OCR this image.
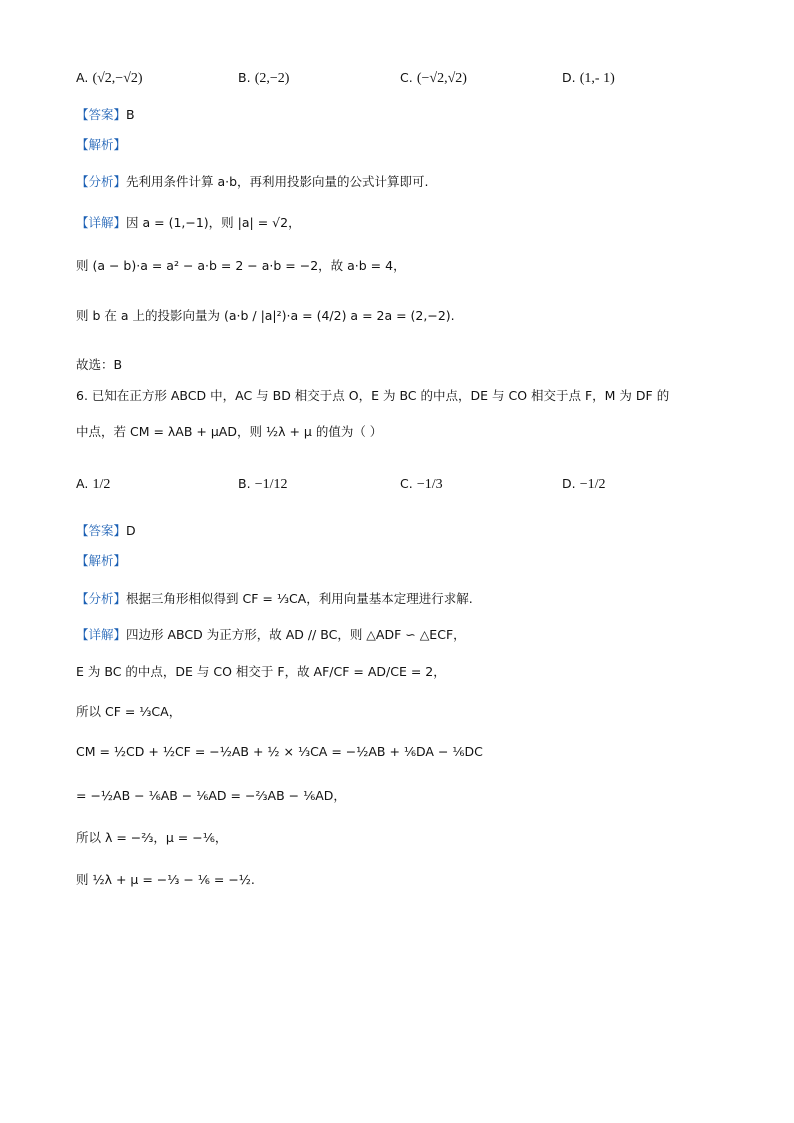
A. (√2,−√2)	B. (2,−2)	C. (−√2,√2)	D. (1,- 1)
【答案】B
【解析】
【分析】先利用条件计算 a·b，再利用投影向量的公式计算即可.
【详解】因 a = (1,−1)，则 |a| = √2，
则 (a − b)·a = a² − a·b = 2 − a·b = −2，故 a·b = 4，
则 b 在 a 上的投影向量为 (a·b / |a|²)·a = (4/2) a = 2a = (2,−2).
故选：B
6. 已知在正方形 ABCD 中，AC 与 BD 相交于点 O，E 为 BC 的中点，DE 与 CO 相交于点 F，M 为 DF 的
中点，若 CM = λAB + μAD，则 ½λ + μ 的值为（ ）
A. 1/2	B. −1/12	C. −1/3	D. −1/2
【答案】D
【解析】
【分析】根据三角形相似得到 CF = ⅓CA，利用向量基本定理进行求解.
【详解】四边形 ABCD 为正方形，故 AD // BC，则 △ADF ∽ △ECF，
E 为 BC 的中点，DE 与 CO 相交于 F，故 AF/CF = AD/CE = 2，
所以 CF = ⅓CA，
CM = ½CD + ½CF = −½AB + ½ × ⅓CA = −½AB + ⅙DA − ⅙DC
= −½AB − ⅙AB − ⅙AD = −⅔AB − ⅙AD，
所以 λ = −⅔，μ = −⅙，
则 ½λ + μ = −⅓ − ⅙ = −½.
